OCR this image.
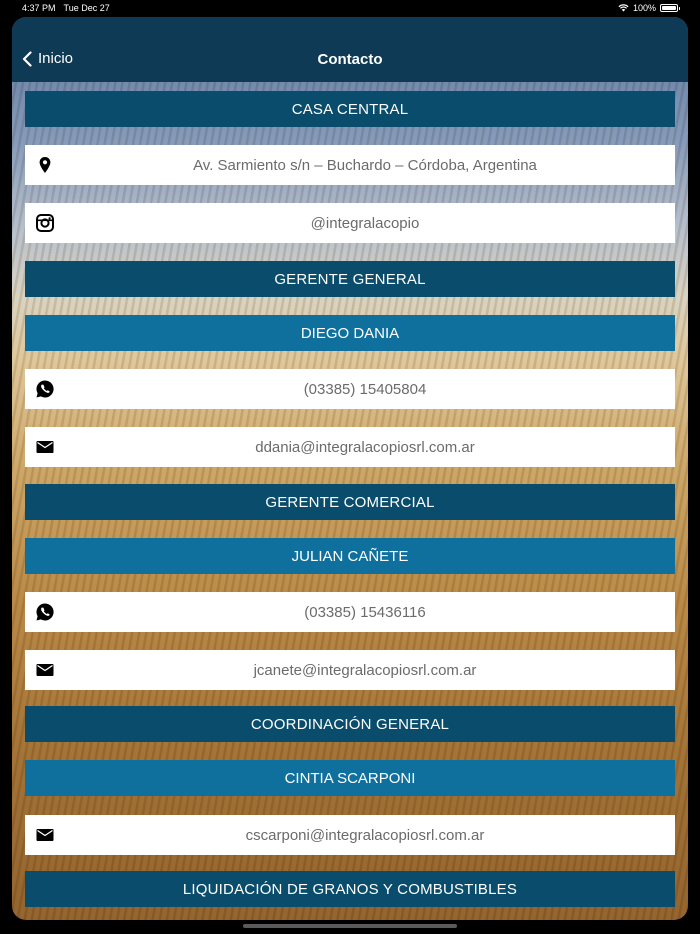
4:37 PM Tue Dec 27	100%
Inicio	Contacto
CASA CENTRAL
Av. Sarmiento s/n – Buchardo – Córdoba, Argentina
@integralacopio
GERENTE GENERAL
DIEGO DANIA
(03385) 15405804
ddania@integralacopiosrl.com.ar
GERENTE COMERCIAL
JULIAN CAÑETE
(03385) 15436116
jcanete@integralacopiosrl.com.ar
COORDINACIÓN GENERAL
CINTIA SCARPONI
cscarponi@integralacopiosrl.com.ar
LIQUIDACIÓN DE GRANOS Y COMBUSTIBLES
